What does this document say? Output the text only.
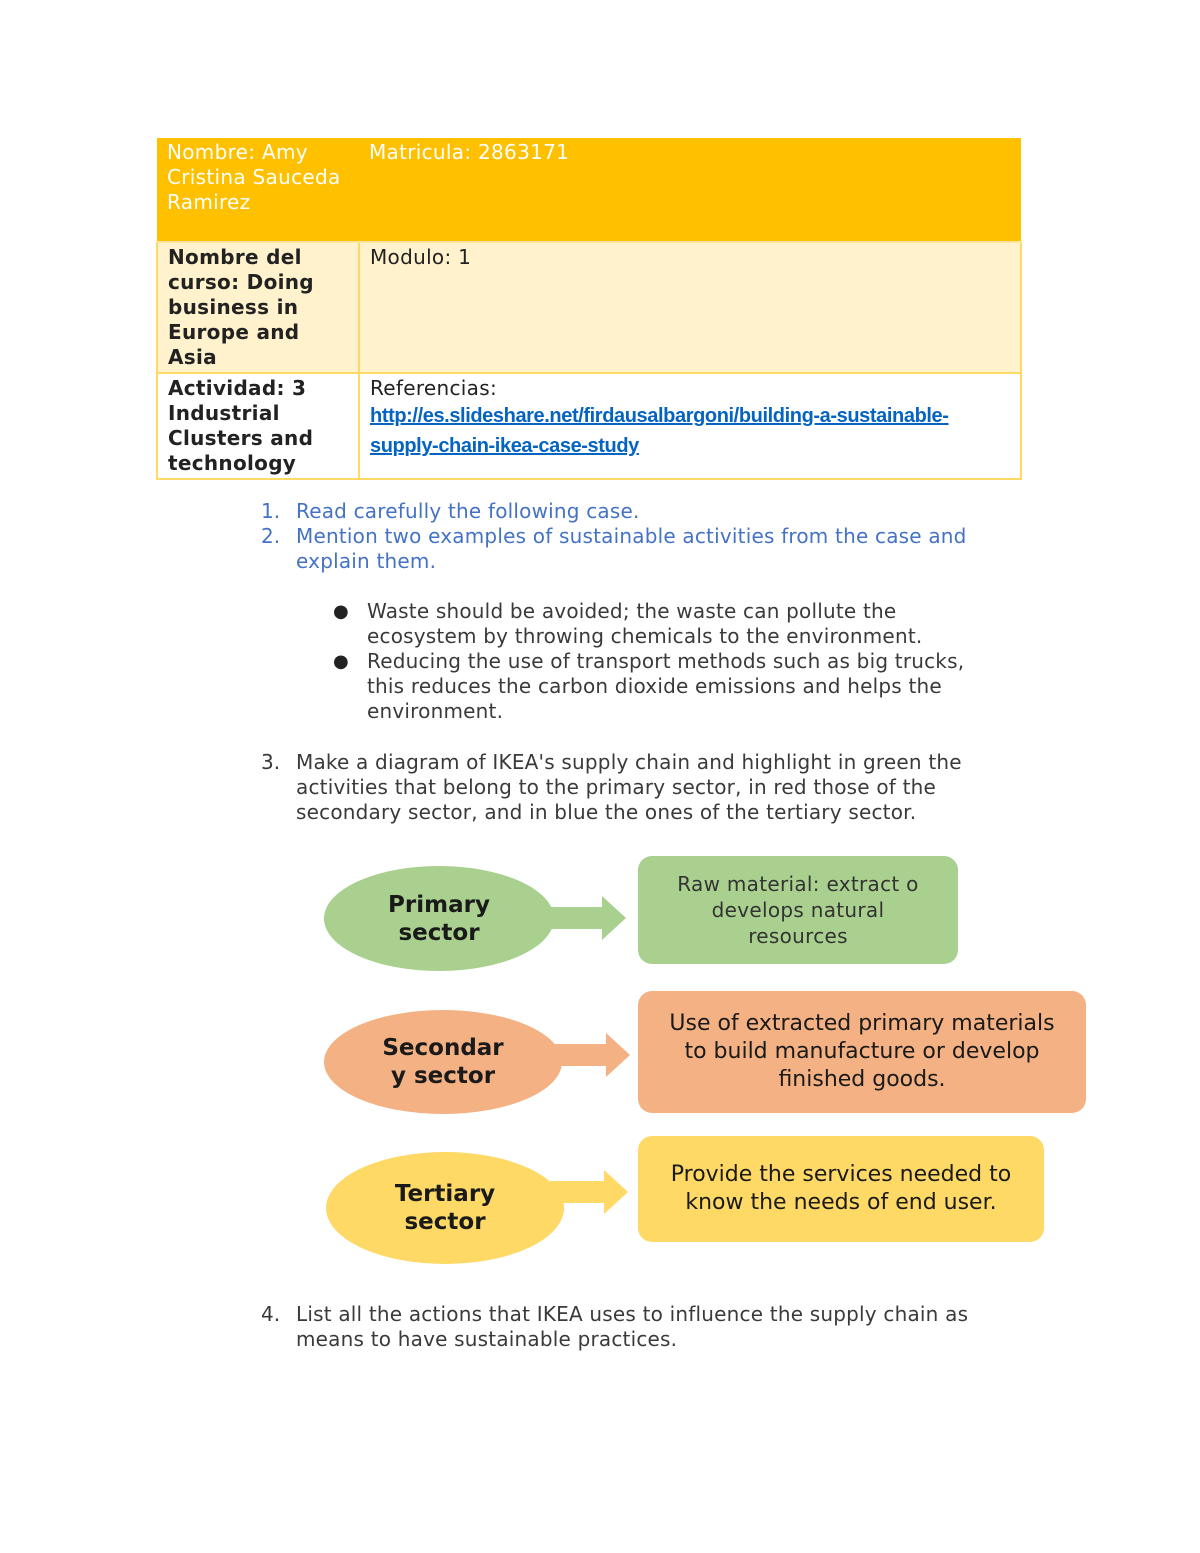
Nombre: Amy Cristina Sauceda Ramirez	Matricula: 2863171
Nombre del curso: Doing business in Europe and Asia	Modulo: 1
Actividad: 3 Industrial Clusters and technology	Referencias:
http://es.slideshare.net/firdausalbargoni/building-a-sustainable-supply-chain-ikea-case-study
1. Read carefully the following case.
2. Mention two examples of sustainable activities from the case and explain them.
● Waste should be avoided; the waste can pollute the ecosystem by throwing chemicals to the environment.
● Reducing the use of transport methods such as big trucks, this reduces the carbon dioxide emissions and helps the environment.
3. Make a diagram of IKEA's supply chain and highlight in green the activities that belong to the primary sector, in red those of the secondary sector, and in blue the ones of the tertiary sector.
Primary sector
Raw material: extract o develops natural resources
Secondar y sector
Use of extracted primary materials to build manufacture or develop finished goods.
Tertiary sector
Provide the services needed to know the needs of end user.
4. List all the actions that IKEA uses to influence the supply chain as means to have sustainable practices.
